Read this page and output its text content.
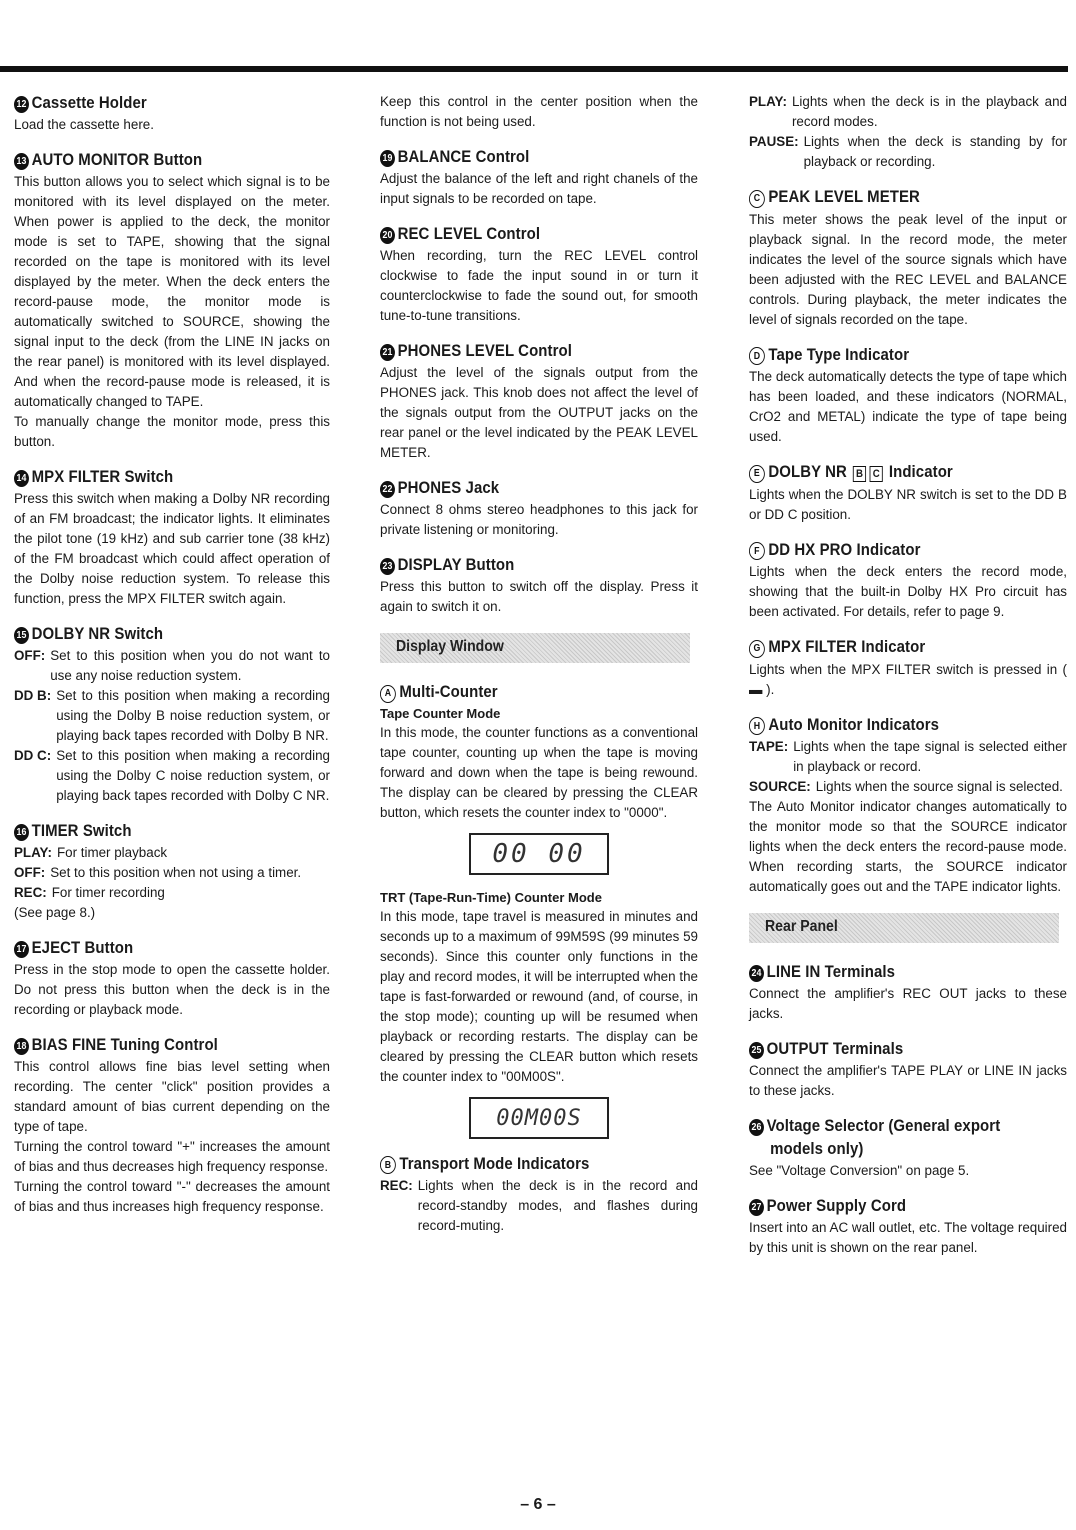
12 Cassette Holder

Load the cassette here.

13 AUTO MONITOR Button

This button allows you to select which signal is to be monitored with its level displayed on the meter. When power is applied to the deck, the monitor mode is set to TAPE, showing that the signal recorded on the tape is monitored with its level displayed by the meter. When the deck enters the record-pause mode, the monitor mode is automatically switched to SOURCE, showing the signal input to the deck (from the LINE IN jacks on the rear panel) is monitored with its level displayed. And when the record-pause mode is released, it is automatically changed to TAPE.

To manually change the monitor mode, press this button.

14 MPX FILTER Switch

Press this switch when making a Dolby NR recording of an FM broadcast; the indicator lights. It eliminates the pilot tone (19 kHz) and sub carrier tone (38 kHz) of the FM broadcast which could affect operation of the Dolby noise reduction system. To release this function, press the MPX FILTER switch again.

15 DOLBY NR Switch
OFF: Set to this position when you do not want to use any noise reduction system.
DD B: Set to this position when making a recording using the Dolby B noise reduction system, or playing back tapes recorded with Dolby B NR.
DD C: Set to this position when making a recording using the Dolby C noise reduction system, or playing back tapes recorded with Dolby C NR.
16 TIMER Switch
PLAY: For timer playback
OFF: Set to this position when not using a timer.
REC: For timer recording

(See page 8.)

17 EJECT Button

Press in the stop mode to open the cassette holder. Do not press this button when the deck is in the recording or playback mode.

18 BIAS FINE Tuning Control

This control allows fine bias level setting when recording. The center "click" position provides a standard amount of bias current depending on the type of tape.

Turning the control toward "+" increases the amount of bias and thus decreases high frequency response.

Turning the control toward "-" decreases the amount of bias and thus increases high frequency response.

Keep this control in the center position when the function is not being used.

19 BALANCE Control

Adjust the balance of the left and right chanels of the input signals to be recorded on tape.

20 REC LEVEL Control

When recording, turn the REC LEVEL control clockwise to fade the input sound in or turn it counterclockwise to fade the sound out, for smooth tune-to-tune transitions.

21 PHONES LEVEL Control

Adjust the level of the signals output from the PHONES jack. This knob does not affect the level of the signals output from the OUTPUT jacks on the rear panel or the level indicated by the PEAK LEVEL METER.

22 PHONES Jack

Connect 8 ohms stereo headphones to this jack for private listening or monitoring.

23 DISPLAY Button

Press this button to switch off the display. Press it again to switch it on.

Display Window
A Multi-Counter
Tape Counter Mode

In this mode, the counter functions as a conventional tape counter, counting up when the tape is moving forward and down when the tape is being rewound. The display can be cleared by pressing the CLEAR button, which resets the counter index to "0000".

00 00
TRT (Tape-Run-Time) Counter Mode

In this mode, tape travel is measured in minutes and seconds up to a maximum of 99M59S (99 minutes 59 seconds). Since this counter only functions in the play and record modes, it will be interrupted when the tape is fast-forwarded or rewound (and, of course, in the stop mode); counting up will be resumed when playback or recording restarts. The display can be cleared by pressing the CLEAR button which resets the counter index to "00M00S".

00M00S
B Transport Mode Indicators
REC: Lights when the deck is in the record and record-standby modes, and flashes during record-muting.
PLAY: Lights when the deck is in the playback and record modes.
PAUSE: Lights when the deck is standing by for playback or recording.
C PEAK LEVEL METER

This meter shows the peak level of the input or playback signal. In the record mode, the meter indicates the level of the source signals which have been adjusted with the REC LEVEL and BALANCE controls. During playback, the meter indicates the level of signals recorded on the tape.

D Tape Type Indicator

The deck automatically detects the type of tape which has been loaded, and these indicators (NORMAL, CrO2 and METAL) indicate the type of tape being used.

E DOLBY NR B C Indicator

Lights when the DOLBY NR switch is set to the DD B or DD C position.

F DD HX PRO Indicator

Lights when the deck enters the record mode, showing that the built-in Dolby HX Pro circuit has been activated. For details, refer to page 9.

G MPX FILTER Indicator

Lights when the MPX FILTER switch is pressed in ( ▬ ).

H Auto Monitor Indicators
TAPE: Lights when the tape signal is selected either in playback or record.
SOURCE: Lights when the source signal is selected.

The Auto Monitor indicator changes automatically to the monitor mode so that the SOURCE indicator lights when the deck enters the record-pause mode. When recording starts, the SOURCE indicator automatically goes out and the TAPE indicator lights.

Rear Panel
24 LINE IN Terminals

Connect the amplifier's REC OUT jacks to these jacks.

25 OUTPUT Terminals

Connect the amplifier's TAPE PLAY or LINE IN jacks to these jacks.

26 Voltage Selector (General export
models only)

See "Voltage Conversion" on page 5.

27 Power Supply Cord

Insert into an AC wall outlet, etc. The voltage required by this unit is shown on the rear panel.

– 6 –
